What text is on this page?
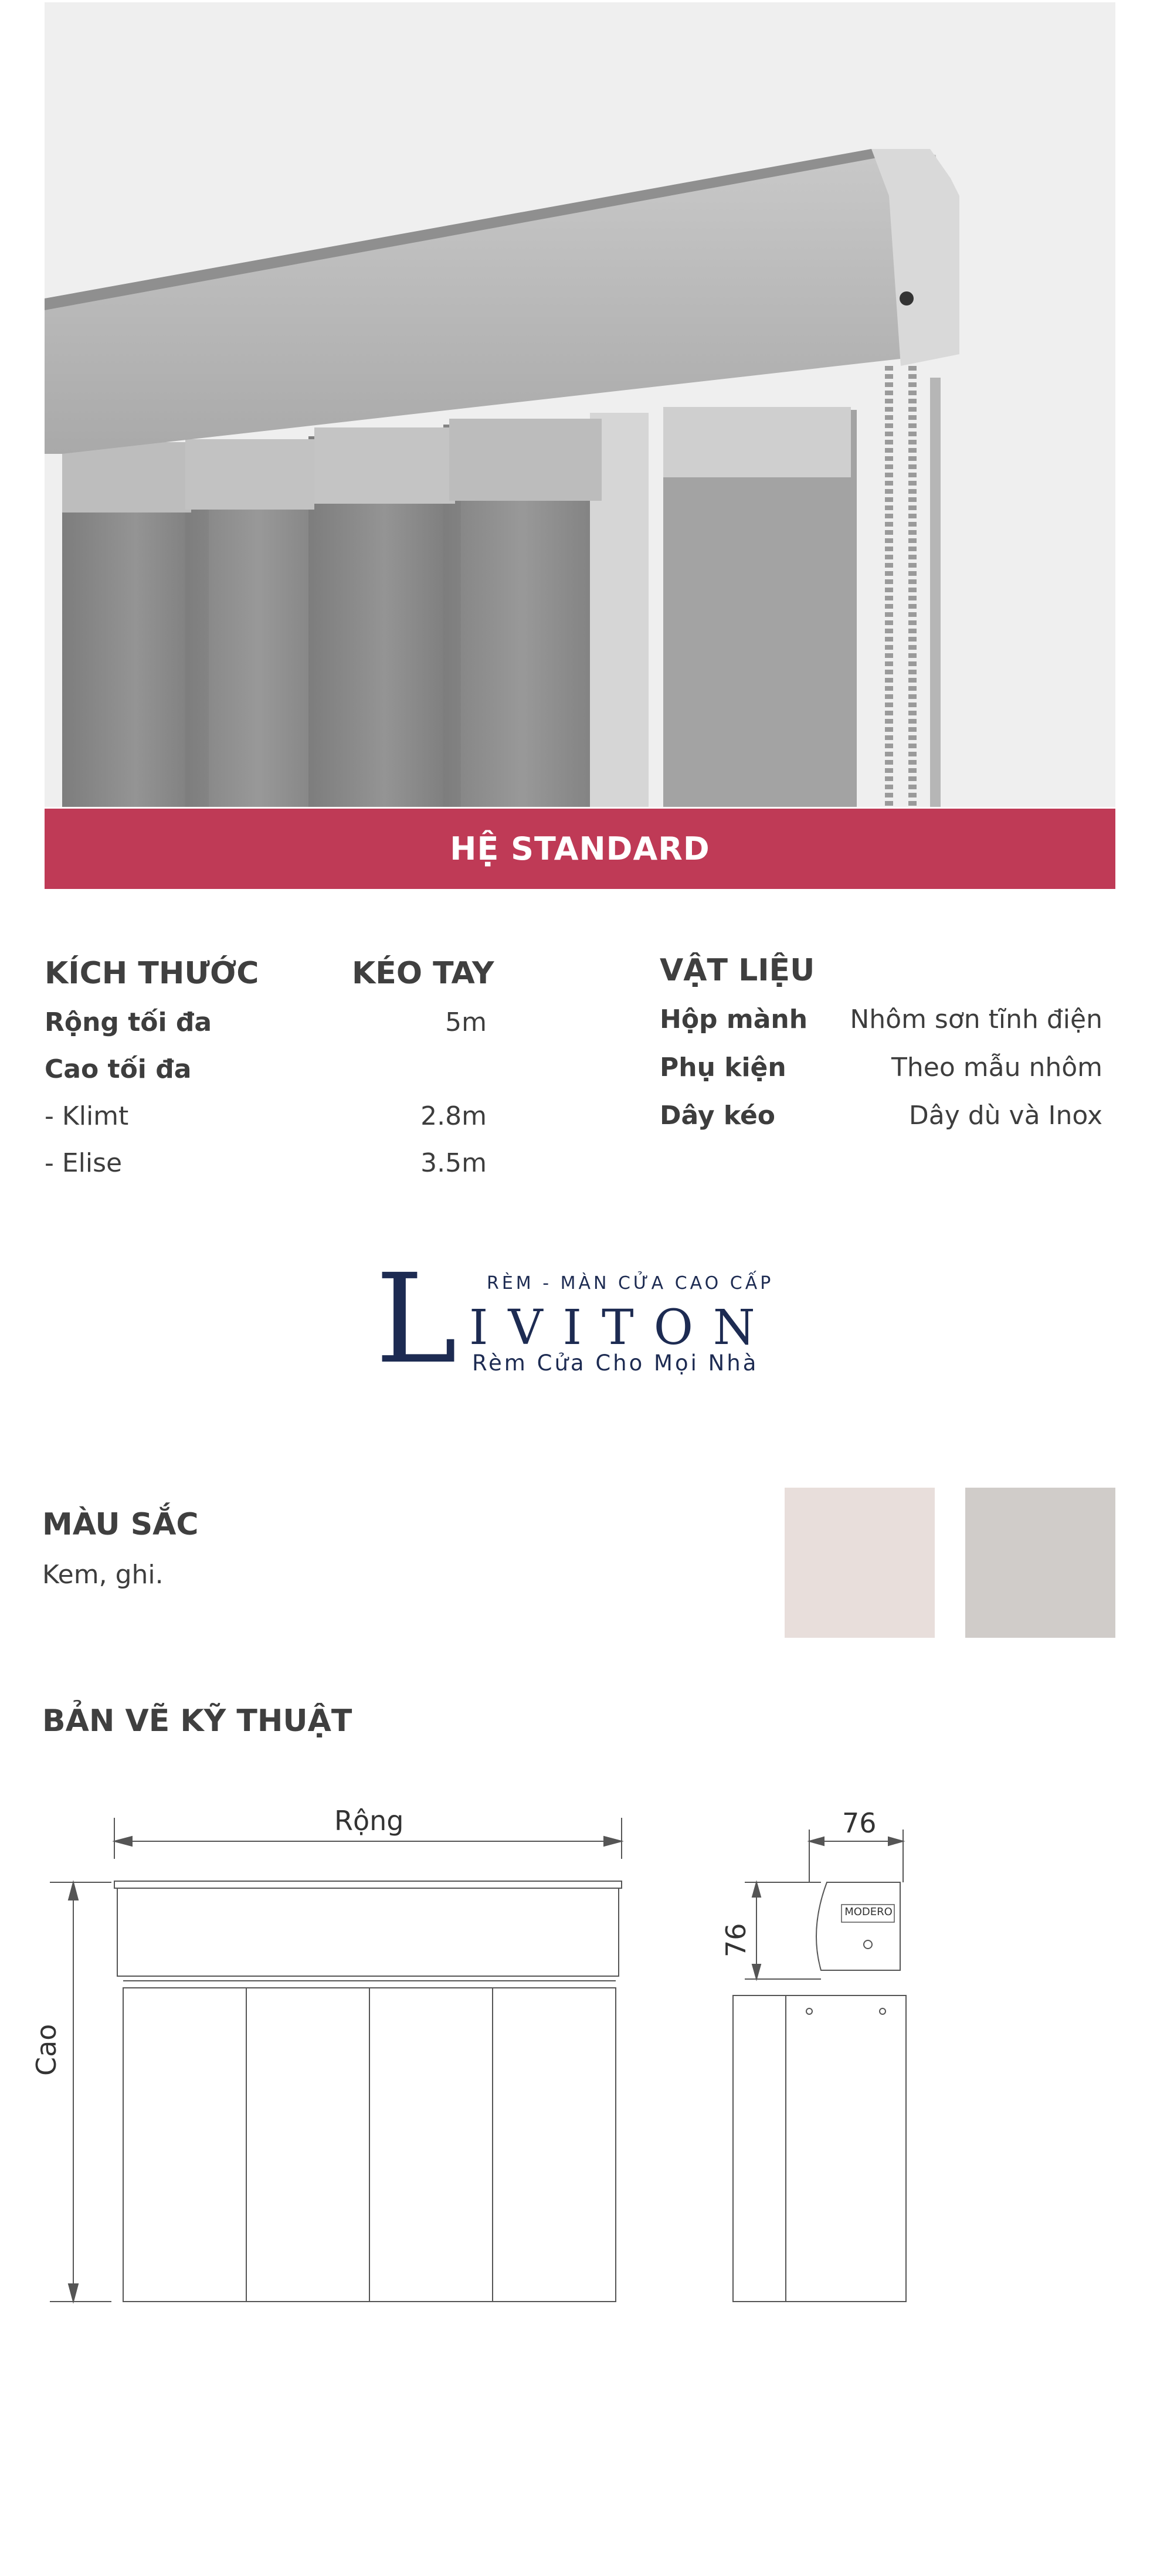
HỆ STANDARD
KÍCH THƯỚC	KÉO TAY
Rộng tối đa	5m
Cao tối đa
- Klimt	2.8m
- Elise	3.5m
VẬT LIỆU
Hộp mành	Nhôm sơn tĩnh điện
Phụ kiện	Theo mẫu nhôm
Dây kéo	Dây dù và Inox
L RÈM - MÀN CỬA CAO CẤP
IVITON
Rèm Cửa Cho Mọi Nhà
MÀU SẮC
Kem, ghi.
BẢN VẼ KỸ THUẬT
Rộng
Cao
76
76
MODERO
